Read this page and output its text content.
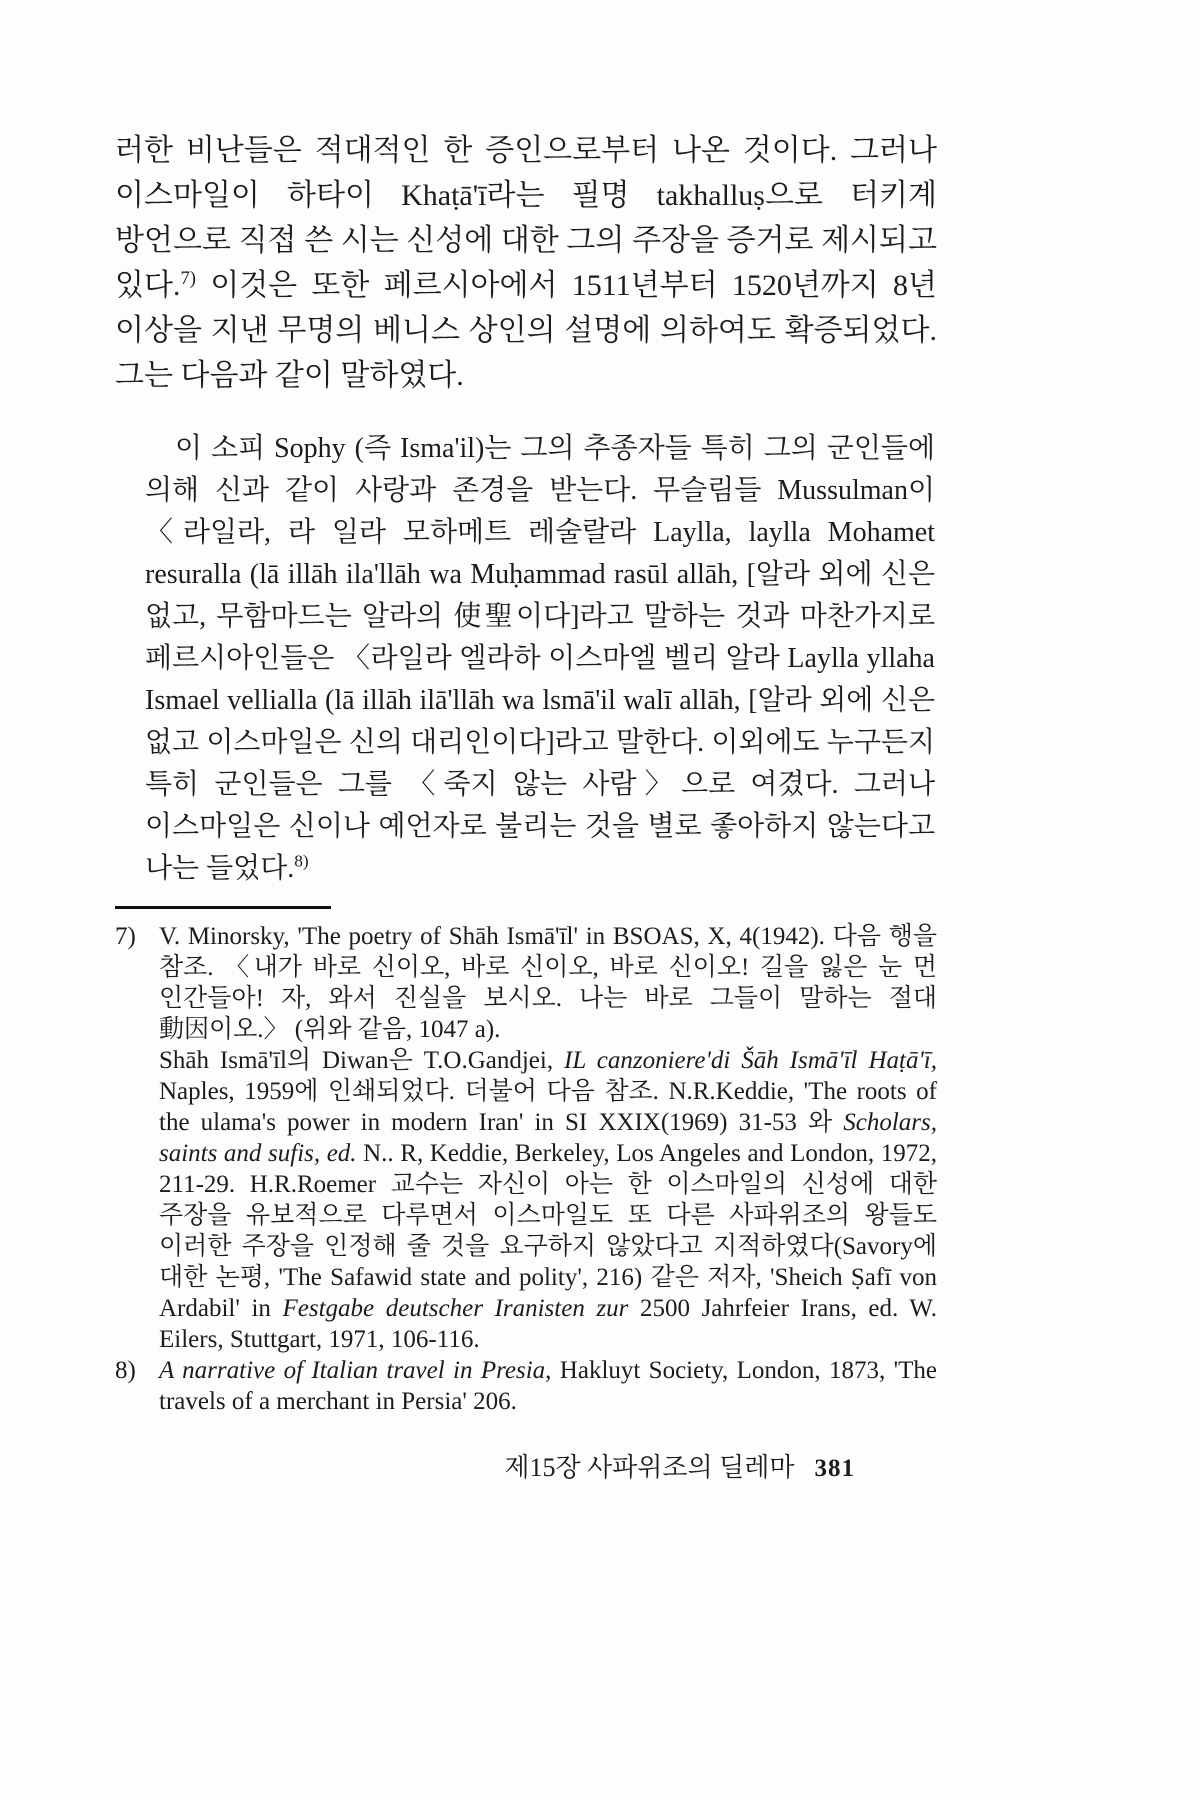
러한 비난들은 적대적인 한 증인으로부터 나온 것이다. 그러나 이스마일이 하타이 Khaṭā'ī라는 필명 takhalluṣ으로 터키계 방언으로 직접 쓴 시는 신성에 대한 그의 주장을 증거로 제시되고 있다.$^{7)}$ 이것은 또한 페르시아에서 1511년부터 1520년까지 8년 이상을 지낸 무명의 베니스 상인의 설명에 의하여도 확증되었다. 그는 다음과 같이 말하였다.

이 소피 Sophy (즉 Isma'il)는 그의 추종자들 특히 그의 군인들에 의해 신과 같이 사랑과 존경을 받는다. 무슬림들 Mussulman이 〈라일라, 라 일라 모하메트 레술랄라 Laylla, laylla Mohamet resuralla (lā illāh ila'llāh wa Muḥammad rasūl allāh, [알라 외에 신은 없고, 무함마드는 알라의 使聖이다]라고 말하는 것과 마찬가지로 페르시아인들은 〈라일라 엘라하 이스마엘 벨리 알라 Laylla yllaha Ismael vellialla (lā illāh ilā'llāh wa lsmā'il walī allāh, [알라 외에 신은 없고 이스마일은 신의 대리인이다]라고 말한다. 이외에도 누구든지 특히 군인들은 그를 〈죽지 않는 사람〉으로 여겼다. 그러나 이스마일은 신이나 예언자로 불리는 것을 별로 좋아하지 않는다고 나는 들었다.$^{8)}$
7) V. Minorsky, 'The poetry of Shāh Ismā'īl' in BSOAS, X, 4(1942). 다음 행을 참조. 〈내가 바로 신이오, 바로 신이오, 바로 신이오! 길을 잃은 눈 먼 인간들아! 자, 와서 진실을 보시오. 나는 바로 그들이 말하는 절대 動因이오.〉 (위와 같음, 1047 a).

Shāh Ismā'īl의 Diwan은 T.O.Gandjei, IL canzoniere'di Šāh Ismā'īl Haṭā'ī, Naples, 1959에 인쇄되었다. 더불어 다음 참조. N.R.Keddie, 'The roots of the ulama's power in modern Iran' in SI XXIX(1969) 31-53 와 Scholars, saints and sufis, ed. N.. R, Keddie, Berkeley, Los Angeles and London, 1972, 211-29. H.R.Roemer 교수는 자신이 아는 한 이스마일의 신성에 대한 주장을 유보적으로 다루면서 이스마일도 또 다른 사파위조의 왕들도 이러한 주장을 인정해 줄 것을 요구하지 않았다고 지적하였다(Savory에 대한 논평, 'The Safawid state and polity', 216) 같은 저자, 'Sheich Ṣafī von Ardabil' in Festgabe deutscher Iranisten zur 2500 Jahrfeier Irans, ed. W. Eilers, Stuttgart, 1971, 106-116.

8) A narrative of Italian travel in Presia, Hakluyt Society, London, 1873, 'The travels of a merchant in Persia' 206.

제15장 사파위조의 딜레마 381
